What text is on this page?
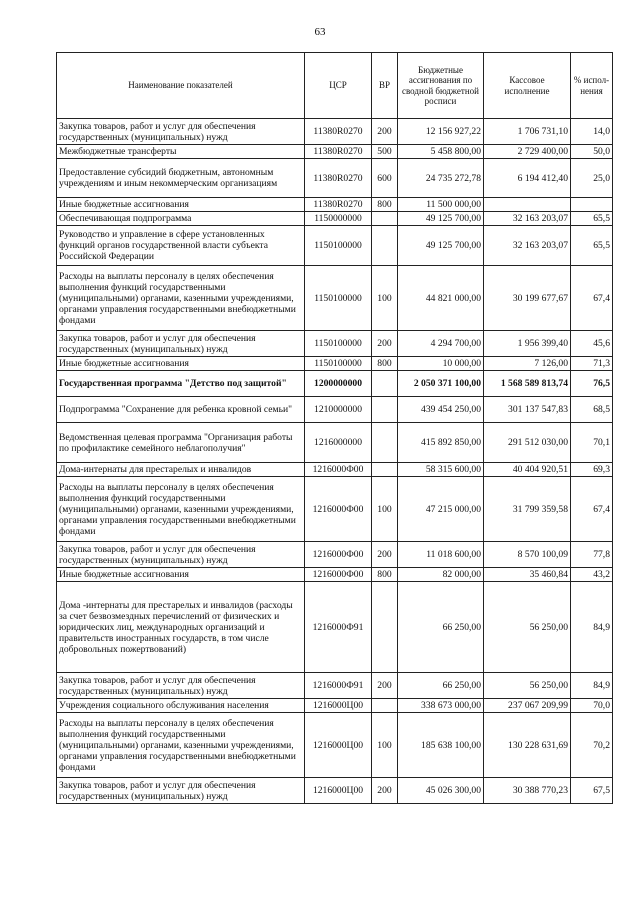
63
Наименование показателей	ЦСР	ВР	Бюджетные ассигнования по сводной бюджетной росписи	Кассовое исполнение	% испол-нения
Закупка товаров, работ и услуг для обеспечения государственных (муниципальных) нужд	11380R0270	200	12 156 927,22	1 706 731,10	14,0
Межбюджетные трансферты	11380R0270	500	5 458 800,00	2 729 400,00	50,0
Предоставление субсидий бюджетным, автономным учреждениям и иным некоммерческим организациям	11380R0270	600	24 735 272,78	6 194 412,40	25,0
Иные бюджетные ассигнования	11380R0270	800	11 500 000,00		
Обеспечивающая подпрограмма	1150000000		49 125 700,00	32 163 203,07	65,5
Руководство и управление в сфере установленных функций органов государственной власти субъекта Российской Федерации	1150100000		49 125 700,00	32 163 203,07	65,5
Расходы на выплаты персоналу в целях обеспечения выполнения функций государственными (муниципальными) органами, казенными учреждениями, органами управления государственными внебюджетными фондами	1150100000	100	44 821 000,00	30 199 677,67	67,4
Закупка товаров, работ и услуг для обеспечения государственных (муниципальных) нужд	1150100000	200	4 294 700,00	1 956 399,40	45,6
Иные бюджетные ассигнования	1150100000	800	10 000,00	7 126,00	71,3
Государственная программа "Детство под защитой"	1200000000		2 050 371 100,00	1 568 589 813,74	76,5
Подпрограмма "Сохранение для ребенка кровной семьи"	1210000000		439 454 250,00	301 137 547,83	68,5
Ведомственная целевая программа "Организация работы по профилактике семейного неблагополучия"	1216000000		415 892 850,00	291 512 030,00	70,1
Дома-интернаты для престарелых и инвалидов	1216000Ф00		58 315 600,00	40 404 920,51	69,3
Расходы на выплаты персоналу в целях обеспечения выполнения функций государственными (муниципальными) органами, казенными учреждениями, органами управления государственными внебюджетными фондами	1216000Ф00	100	47 215 000,00	31 799 359,58	67,4
Закупка товаров, работ и услуг для обеспечения государственных (муниципальных) нужд	1216000Ф00	200	11 018 600,00	8 570 100,09	77,8
Иные бюджетные ассигнования	1216000Ф00	800	82 000,00	35 460,84	43,2
Дома -интернаты для престарелых и инвалидов (расходы за счет безвозмездных перечислений от физических и юридических лиц, международных организаций и правительств иностранных государств, в том числе добровольных пожертвований)	1216000Ф91		66 250,00	56 250,00	84,9
Закупка товаров, работ и услуг для обеспечения государственных (муниципальных) нужд	1216000Ф91	200	66 250,00	56 250,00	84,9
Учреждения социального обслуживания населения	1216000Ц00		338 673 000,00	237 067 209,99	70,0
Расходы на выплаты персоналу в целях обеспечения выполнения функций государственными (муниципальными) органами, казенными учреждениями, органами управления государственными внебюджетными фондами	1216000Ц00	100	185 638 100,00	130 228 631,69	70,2
Закупка товаров, работ и услуг для обеспечения государственных (муниципальных) нужд	1216000Ц00	200	45 026 300,00	30 388 770,23	67,5
